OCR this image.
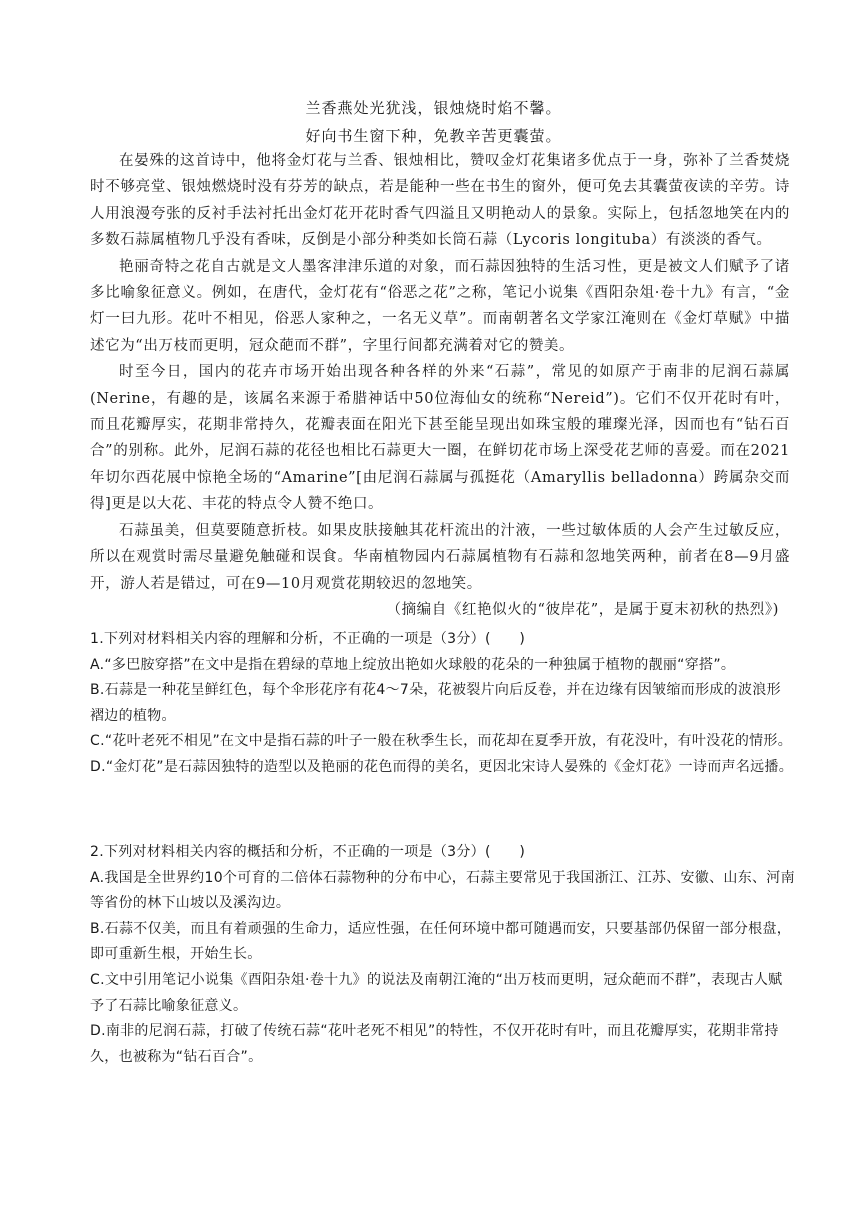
兰香燕处光犹浅，银烛烧时焰不馨。
好向书生窗下种，免教辛苦更囊萤。

在晏殊的这首诗中，他将金灯花与兰香、银烛相比，赞叹金灯花集诸多优点于一身，弥补了兰香焚烧时不够亮堂、银烛燃烧时没有芬芳的缺点，若是能种一些在书生的窗外，便可免去其囊萤夜读的辛劳。诗人用浪漫夸张的反衬手法衬托出金灯花开花时香气四溢且又明艳动人的景象。实际上，包括忽地笑在内的多数石蒜属植物几乎没有香味，反倒是小部分种类如长筒石蒜（Lycoris longituba）有淡淡的香气。

艳丽奇特之花自古就是文人墨客津津乐道的对象，而石蒜因独特的生活习性，更是被文人们赋予了诸多比喻象征意义。例如，在唐代，金灯花有“俗恶之花”之称，笔记小说集《酉阳杂俎·卷十九》有言，“金灯一曰九形。花叶不相见，俗恶人家种之，一名无义草”。而南朝著名文学家江淹则在《金灯草赋》中描述它为“出万枝而更明，冠众葩而不群”，字里行间都充满着对它的赞美。

时至今日，国内的花卉市场开始出现各种各样的外来“石蒜”，常见的如原产于南非的尼润石蒜属(Nerine，有趣的是，该属名来源于希腊神话中50位海仙女的统称“Nereid”)。它们不仅开花时有叶，而且花瓣厚实，花期非常持久，花瓣表面在阳光下甚至能呈现出如珠宝般的璀璨光泽，因而也有“钻石百合”的别称。此外，尼润石蒜的花径也相比石蒜更大一圈，在鲜切花市场上深受花艺师的喜爱。而在2021年切尔西花展中惊艳全场的“Amarine”[由尼润石蒜属与孤挺花（Amaryllis belladonna）跨属杂交而得]更是以大花、丰花的特点令人赞不绝口。

石蒜虽美，但莫要随意折枝。如果皮肤接触其花杆流出的汁液，一些过敏体质的人会产生过敏反应，所以在观赏时需尽量避免触碰和误食。华南植物园内石蒜属植物有石蒜和忽地笑两种，前者在8—9月盛开，游人若是错过，可在9—10月观赏花期较迟的忽地笑。

（摘编自《红艳似火的“彼岸花”，是属于夏末初秋的热烈》)
1.下列对材料相关内容的理解和分析，不正确的一项是（3分）(　　)
A.“多巴胺穿搭”在文中是指在碧绿的草地上绽放出艳如火球般的花朵的一种独属于植物的靓丽“穿搭”。
B.石蒜是一种花呈鲜红色，每个伞形花序有花4～7朵，花被裂片向后反卷，并在边缘有因皱缩而形成的波浪形褶边的植物。
C.“花叶老死不相见”在文中是指石蒜的叶子一般在秋季生长，而花却在夏季开放，有花没叶，有叶没花的情形。
D.“金灯花”是石蒜因独特的造型以及艳丽的花色而得的美名，更因北宋诗人晏殊的《金灯花》一诗而声名远播。
2.下列对材料相关内容的概括和分析，不正确的一项是（3分）(　　)
A.我国是全世界约10个可育的二倍体石蒜物种的分布中心，石蒜主要常见于我国浙江、江苏、安徽、山东、河南等省份的林下山坡以及溪沟边。
B.石蒜不仅美，而且有着顽强的生命力，适应性强，在任何环境中都可随遇而安，只要基部仍保留一部分根盘，即可重新生根，开始生长。
C.文中引用笔记小说集《酉阳杂俎·卷十九》的说法及南朝江淹的“出万枝而更明，冠众葩而不群”，表现古人赋予了石蒜比喻象征意义。
D.南非的尼润石蒜，打破了传统石蒜“花叶老死不相见”的特性，不仅开花时有叶，而且花瓣厚实，花期非常持久，也被称为“钻石百合”。
